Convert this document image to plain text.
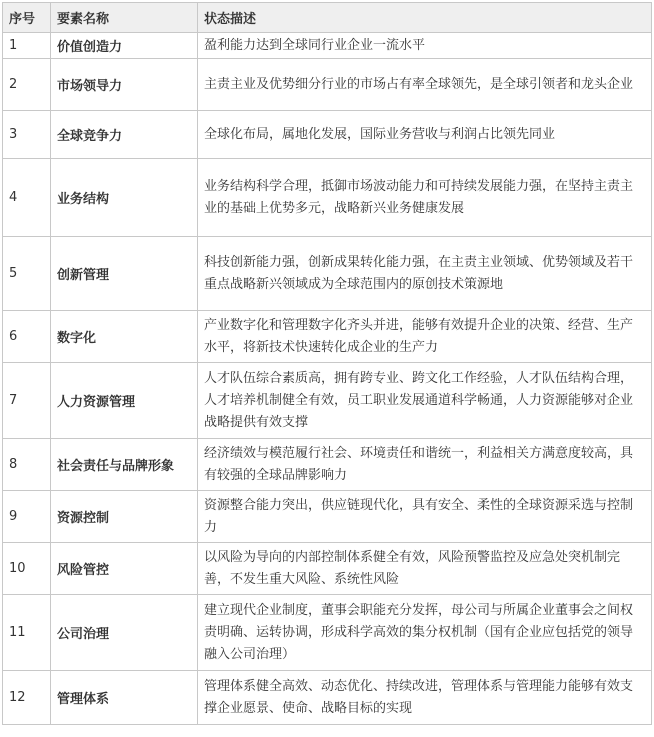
序号	要素名称	状态描述
1	价值创造力	盈利能力达到全球同行业企业一流水平
2	市场领导力	主责主业及优势细分行业的市场占有率全球领先，是全球引领者和龙头企业
3	全球竞争力	全球化布局，属地化发展，国际业务营收与利润占比领先同业
4	业务结构	业务结构科学合理，抵御市场波动能力和可持续发展能力强，在坚持主责主业的基础上优势多元，战略新兴业务健康发展
5	创新管理	科技创新能力强，创新成果转化能力强，在主责主业领域、优势领域及若干重点战略新兴领域成为全球范围内的原创技术策源地
6	数字化	产业数字化和管理数字化齐头并进，能够有效提升企业的决策、经营、生产水平，将新技术快速转化成企业的生产力
7	人力资源管理	人才队伍综合素质高，拥有跨专业、跨文化工作经验，人才队伍结构合理，人才培养机制健全有效，员工职业发展通道科学畅通，人力资源能够对企业战略提供有效支撑
8	社会责任与品牌形象	经济绩效与模范履行社会、环境责任和谐统一，利益相关方满意度较高，具有较强的全球品牌影响力
9	资源控制	资源整合能力突出，供应链现代化，具有安全、柔性的全球资源采选与控制力
10	风险管控	以风险为导向的内部控制体系健全有效，风险预警监控及应急处突机制完善，不发生重大风险、系统性风险
11	公司治理	建立现代企业制度，董事会职能充分发挥，母公司与所属企业董事会之间权责明确、运转协调，形成科学高效的集分权机制（国有企业应包括党的领导融入公司治理）
12	管理体系	管理体系健全高效、动态优化、持续改进，管理体系与管理能力能够有效支撑企业愿景、使命、战略目标的实现
